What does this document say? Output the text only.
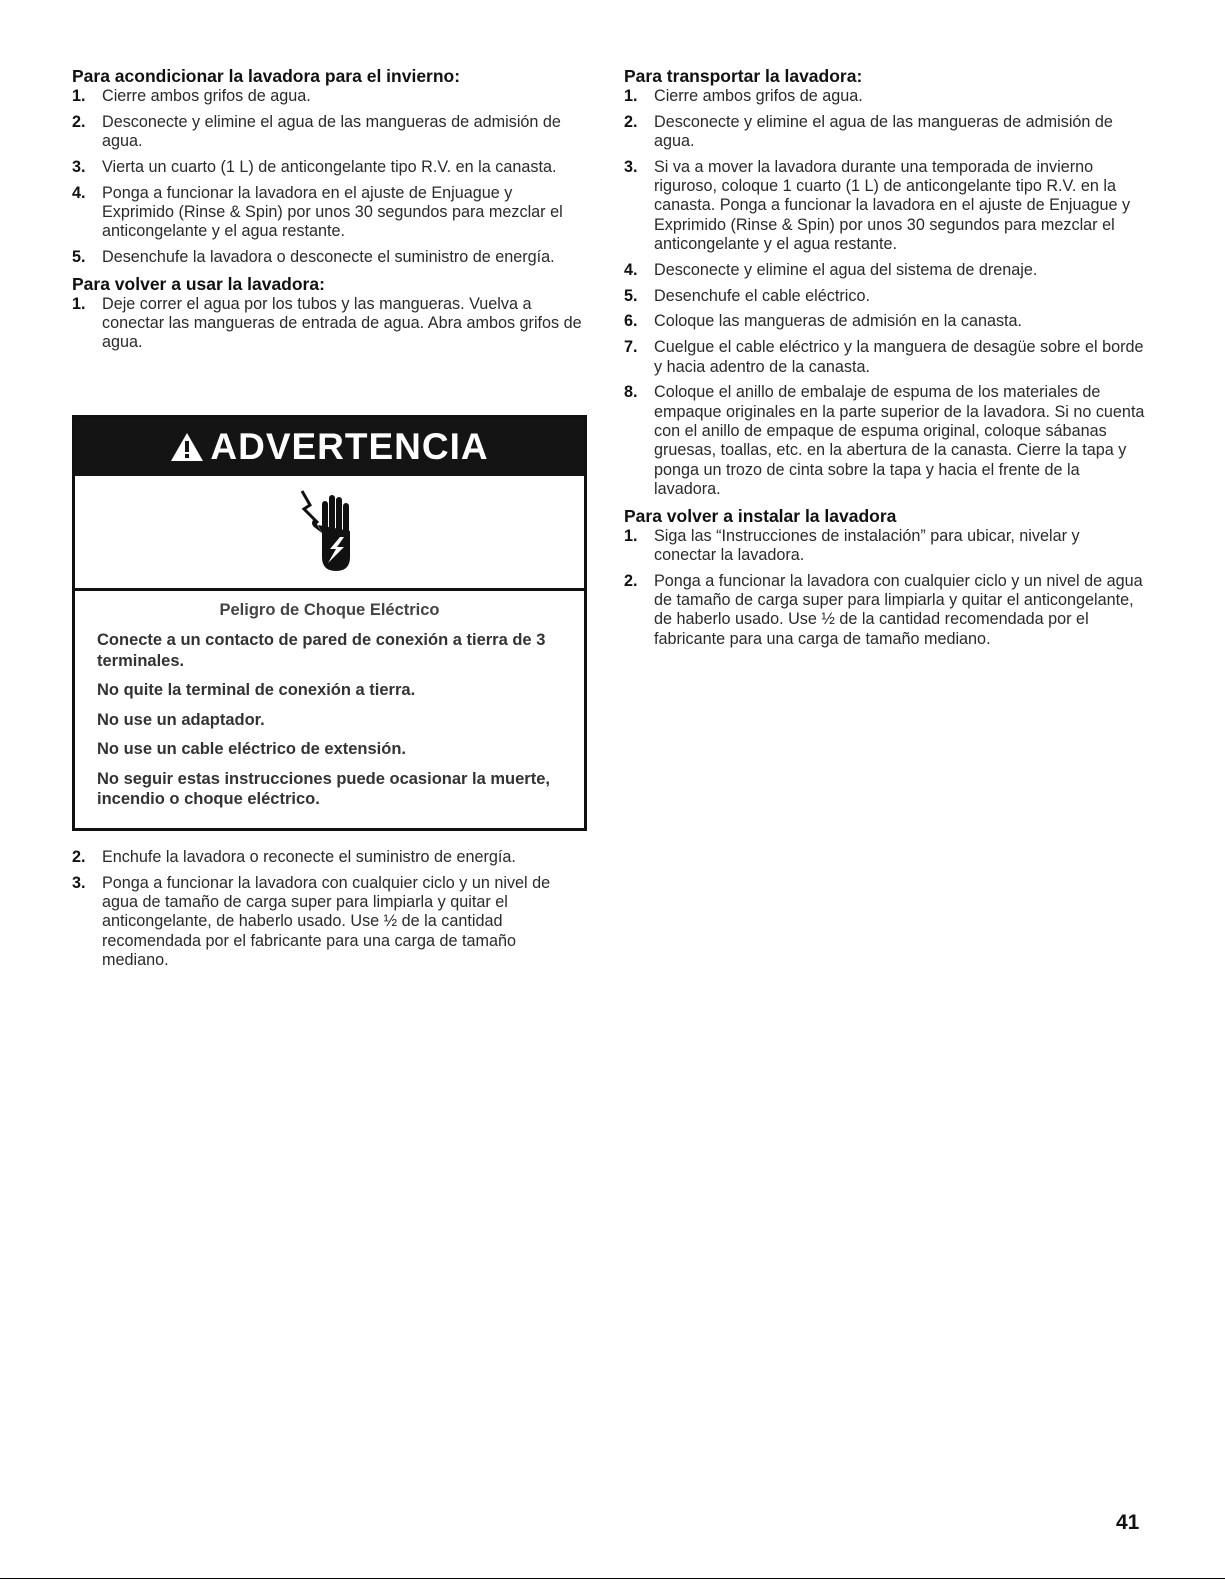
Para acondicionar la lavadora para el invierno:
1. Cierre ambos grifos de agua.
2. Desconecte y elimine el agua de las mangueras de admisión de agua.
3. Vierta un cuarto (1 L) de anticongelante tipo R.V. en la canasta.
4. Ponga a funcionar la lavadora en el ajuste de Enjuague y Exprimido (Rinse & Spin) por unos 30 segundos para mezclar el anticongelante y el agua restante.
5. Desenchufe la lavadora o desconecte el suministro de energía.
Para volver a usar la lavadora:
1. Deje correr el agua por los tubos y las mangueras. Vuelva a conectar las mangueras de entrada de agua. Abra ambos grifos de agua.
ADVERTENCIA
Peligro de Choque Eléctrico

Conecte a un contacto de pared de conexión a tierra de 3 terminales.

No quite la terminal de conexión a tierra.

No use un adaptador.

No use un cable eléctrico de extensión.

No seguir estas instrucciones puede ocasionar la muerte, incendio o choque eléctrico.

2. Enchufe la lavadora o reconecte el suministro de energía.
3. Ponga a funcionar la lavadora con cualquier ciclo y un nivel de agua de tamaño de carga super para limpiarla y quitar el anticongelante, de haberlo usado. Use ½ de la cantidad recomendada por el fabricante para una carga de tamaño mediano.
Para transportar la lavadora:
1. Cierre ambos grifos de agua.
2. Desconecte y elimine el agua de las mangueras de admisión de agua.
3. Si va a mover la lavadora durante una temporada de invierno riguroso, coloque 1 cuarto (1 L) de anticongelante tipo R.V. en la canasta. Ponga a funcionar la lavadora en el ajuste de Enjuague y Exprimido (Rinse & Spin) por unos 30 segundos para mezclar el anticongelante y el agua restante.
4. Desconecte y elimine el agua del sistema de drenaje.
5. Desenchufe el cable eléctrico.
6. Coloque las mangueras de admisión en la canasta.
7. Cuelgue el cable eléctrico y la manguera de desagüe sobre el borde y hacia adentro de la canasta.
8. Coloque el anillo de embalaje de espuma de los materiales de empaque originales en la parte superior de la lavadora. Si no cuenta con el anillo de empaque de espuma original, coloque sábanas gruesas, toallas, etc. en la abertura de la canasta. Cierre la tapa y ponga un trozo de cinta sobre la tapa y hacia el frente de la lavadora.
Para volver a instalar la lavadora
1. Siga las “Instrucciones de instalación” para ubicar, nivelar y conectar la lavadora.
2. Ponga a funcionar la lavadora con cualquier ciclo y un nivel de agua de tamaño de carga super para limpiarla y quitar el anticongelante, de haberlo usado. Use ½ de la cantidad recomendada por el fabricante para una carga de tamaño mediano.
41
